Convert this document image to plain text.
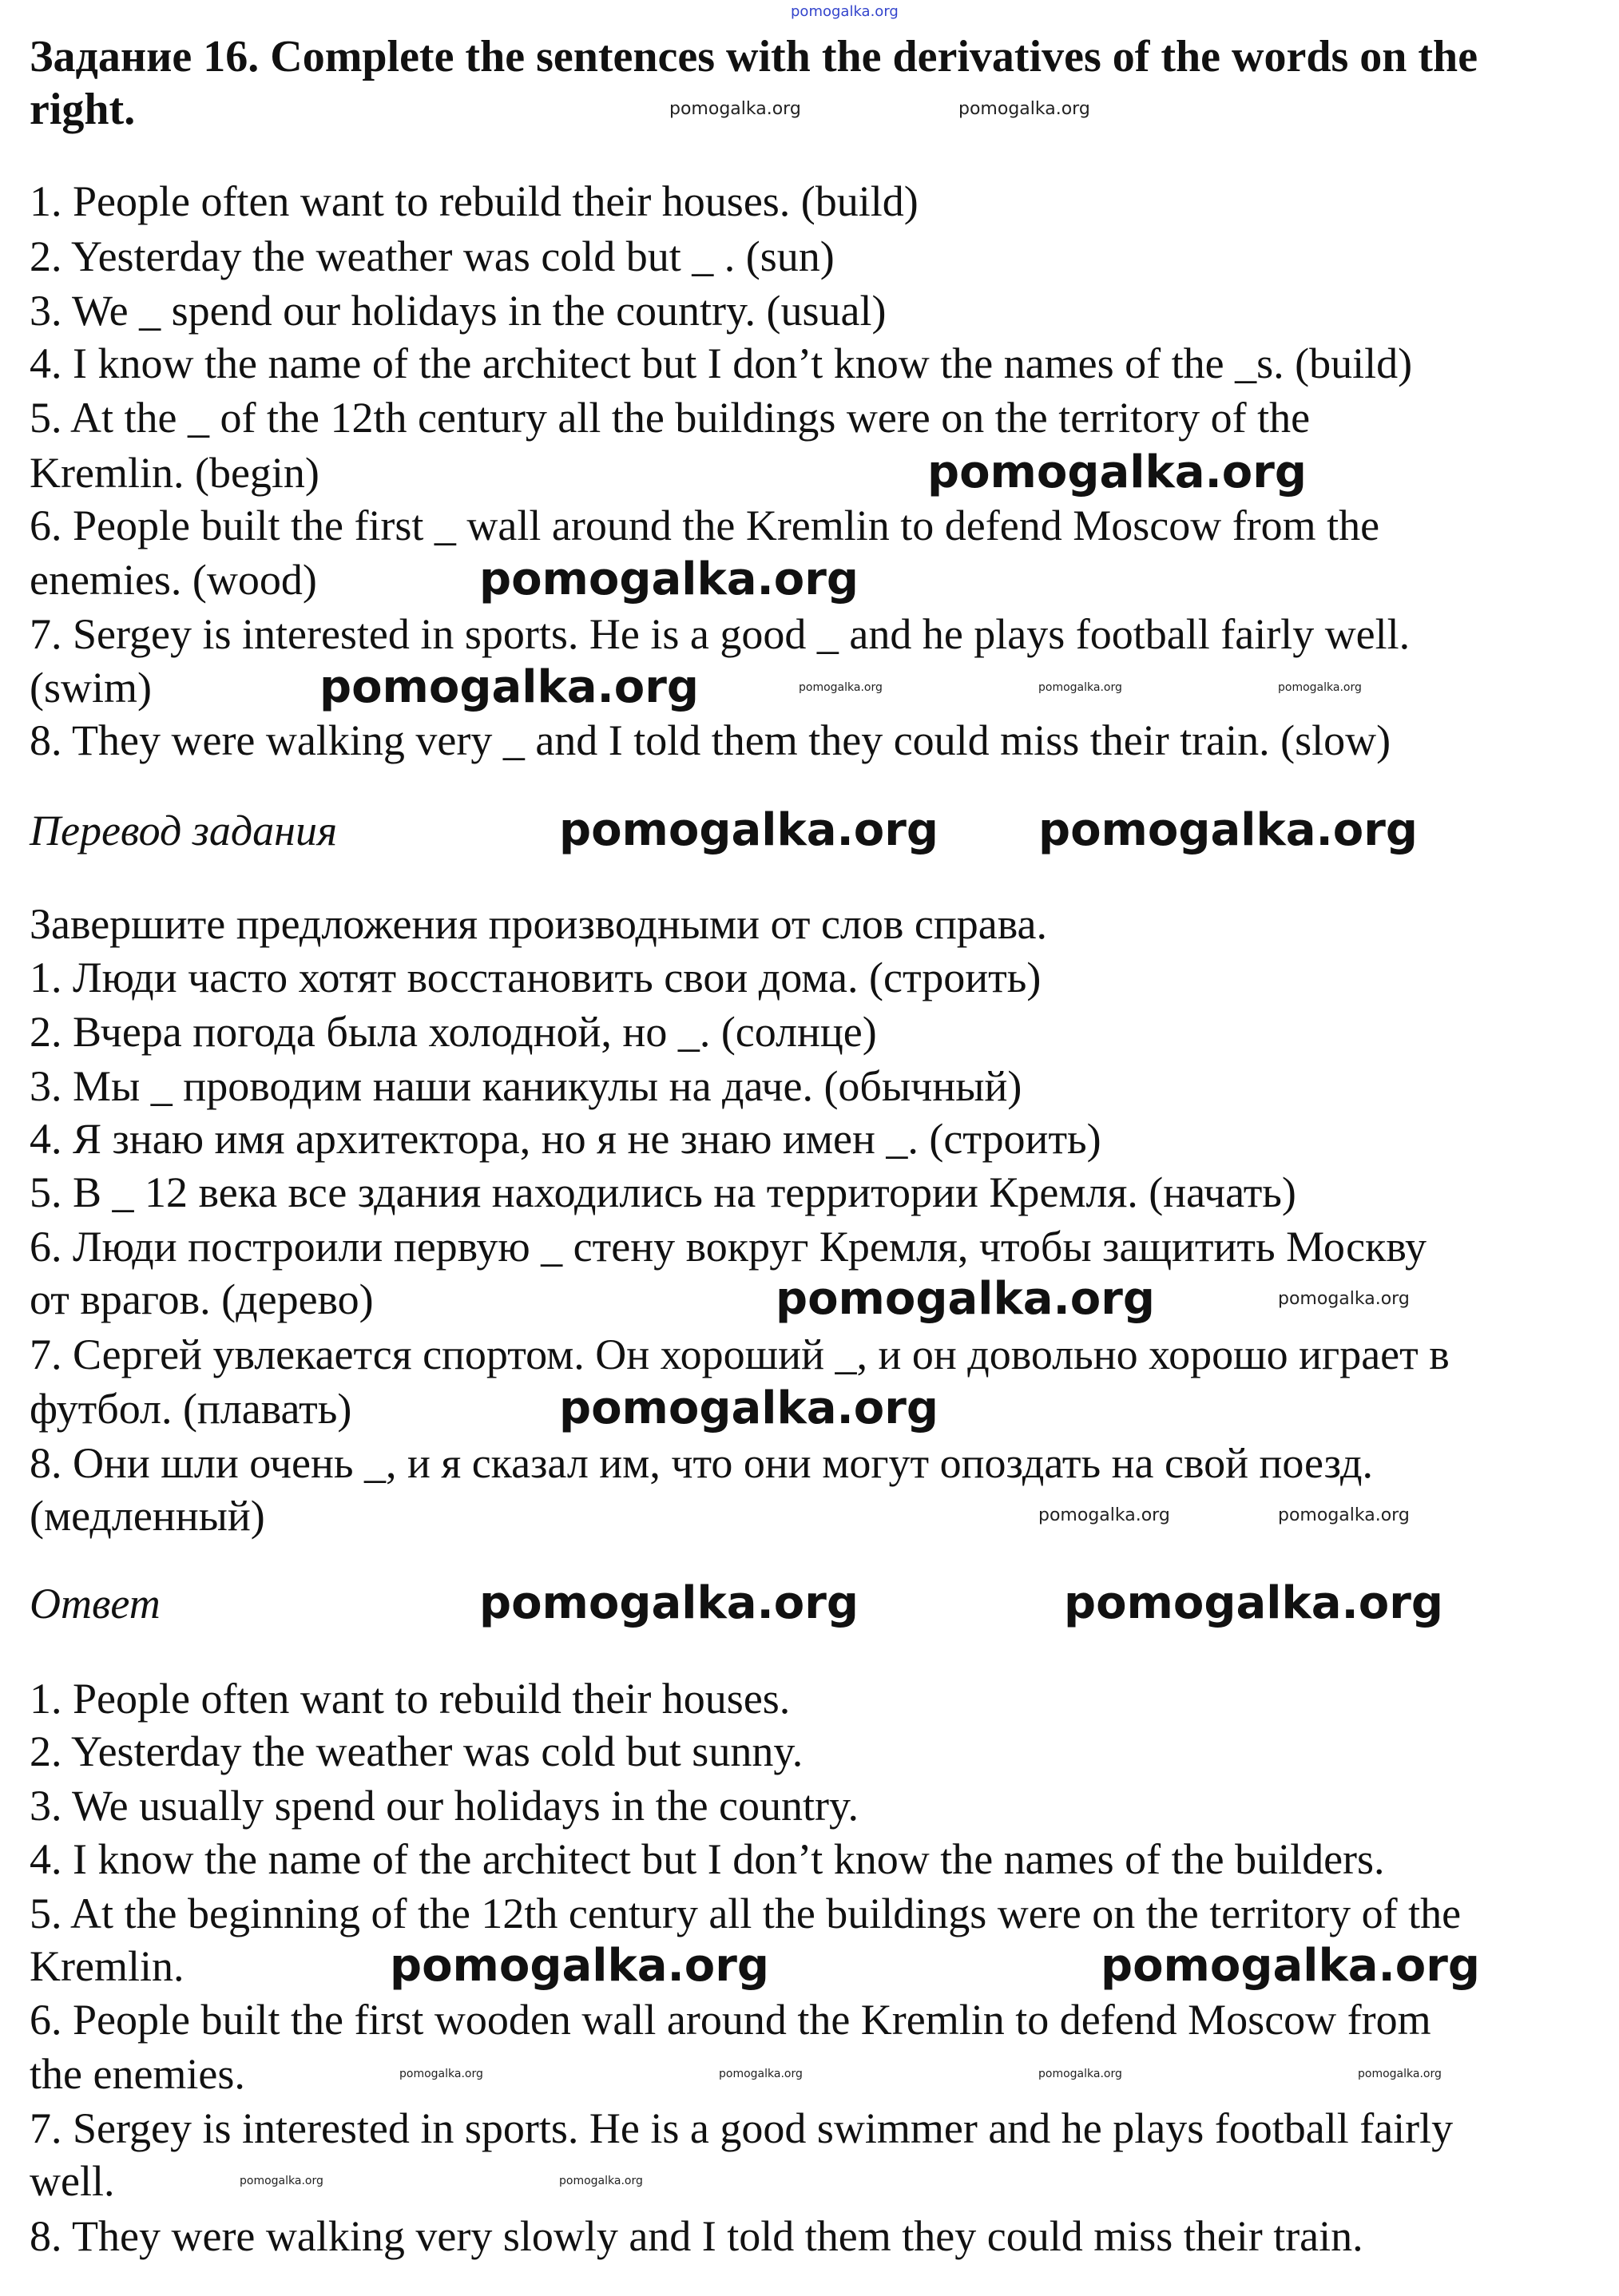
pomogalka.org
Задание 16. Complete the sentences with the derivatives of the words on the
right.
Перевод задания
Ответ
1. People often want to rebuild their houses. (build)
2. Yesterday the weather was cold but _ . (sun)
3. We _ spend our holidays in the country. (usual)
4. I know the name of the architect but I don’t know the names of the _s. (build)
5. At the _ of the 12th century all the buildings were on the territory of the
Kremlin. (begin)
6. People built the first _ wall around the Kremlin to defend Moscow from the
enemies. (wood)
7. Sergey is interested in sports. He is a good _ and he plays football fairly well.
(swim)
8. They were walking very _ and I told them they could miss their train. (slow)
Завершите предложения производными от слов справа.
1. Люди часто хотят восстановить свои дома. (строить)
2. Вчера погода была холодной, но _. (солнце)
3. Мы _ проводим наши каникулы на даче. (обычный)
4. Я знаю имя архитектора, но я не знаю имен _. (строить)
5. В _ 12 века все здания находились на территории Кремля. (начать)
6. Люди построили первую _ стену вокруг Кремля, чтобы защитить Москву
от врагов. (дерево)
7. Сергей увлекается спортом. Он хороший _, и он довольно хорошо играет в
футбол. (плавать)
8. Они шли очень _, и я сказал им, что они могут опоздать на свой поезд.
(медленный)
1. People often want to rebuild their houses.
2. Yesterday the weather was cold but sunny.
3. We usually spend our holidays in the country.
4. I know the name of the architect but I don’t know the names of the builders.
5. At the beginning of the 12th century all the buildings were on the territory of the
Kremlin.
6. People built the first wooden wall around the Kremlin to defend Moscow from
the enemies.
7. Sergey is interested in sports. He is a good swimmer and he plays football fairly
well.
8. They were walking very slowly and I told them they could miss their train.
pomogalka.org
pomogalka.org
pomogalka.org
pomogalka.org pomogalka.org
pomogalka.org
pomogalka.org
pomogalka.org	pomogalka.org
pomogalka.org	pomogalka.org
pomogalka.org	pomogalka.org
pomogalka.org	pomogalka.org
pomogalka.org
pomogalka.org	pomogalka.org	pomogalka.org
pomogalka.org	pomogalka.org	pomogalka.org	pomogalka.org
pomogalka.org	pomogalka.org
